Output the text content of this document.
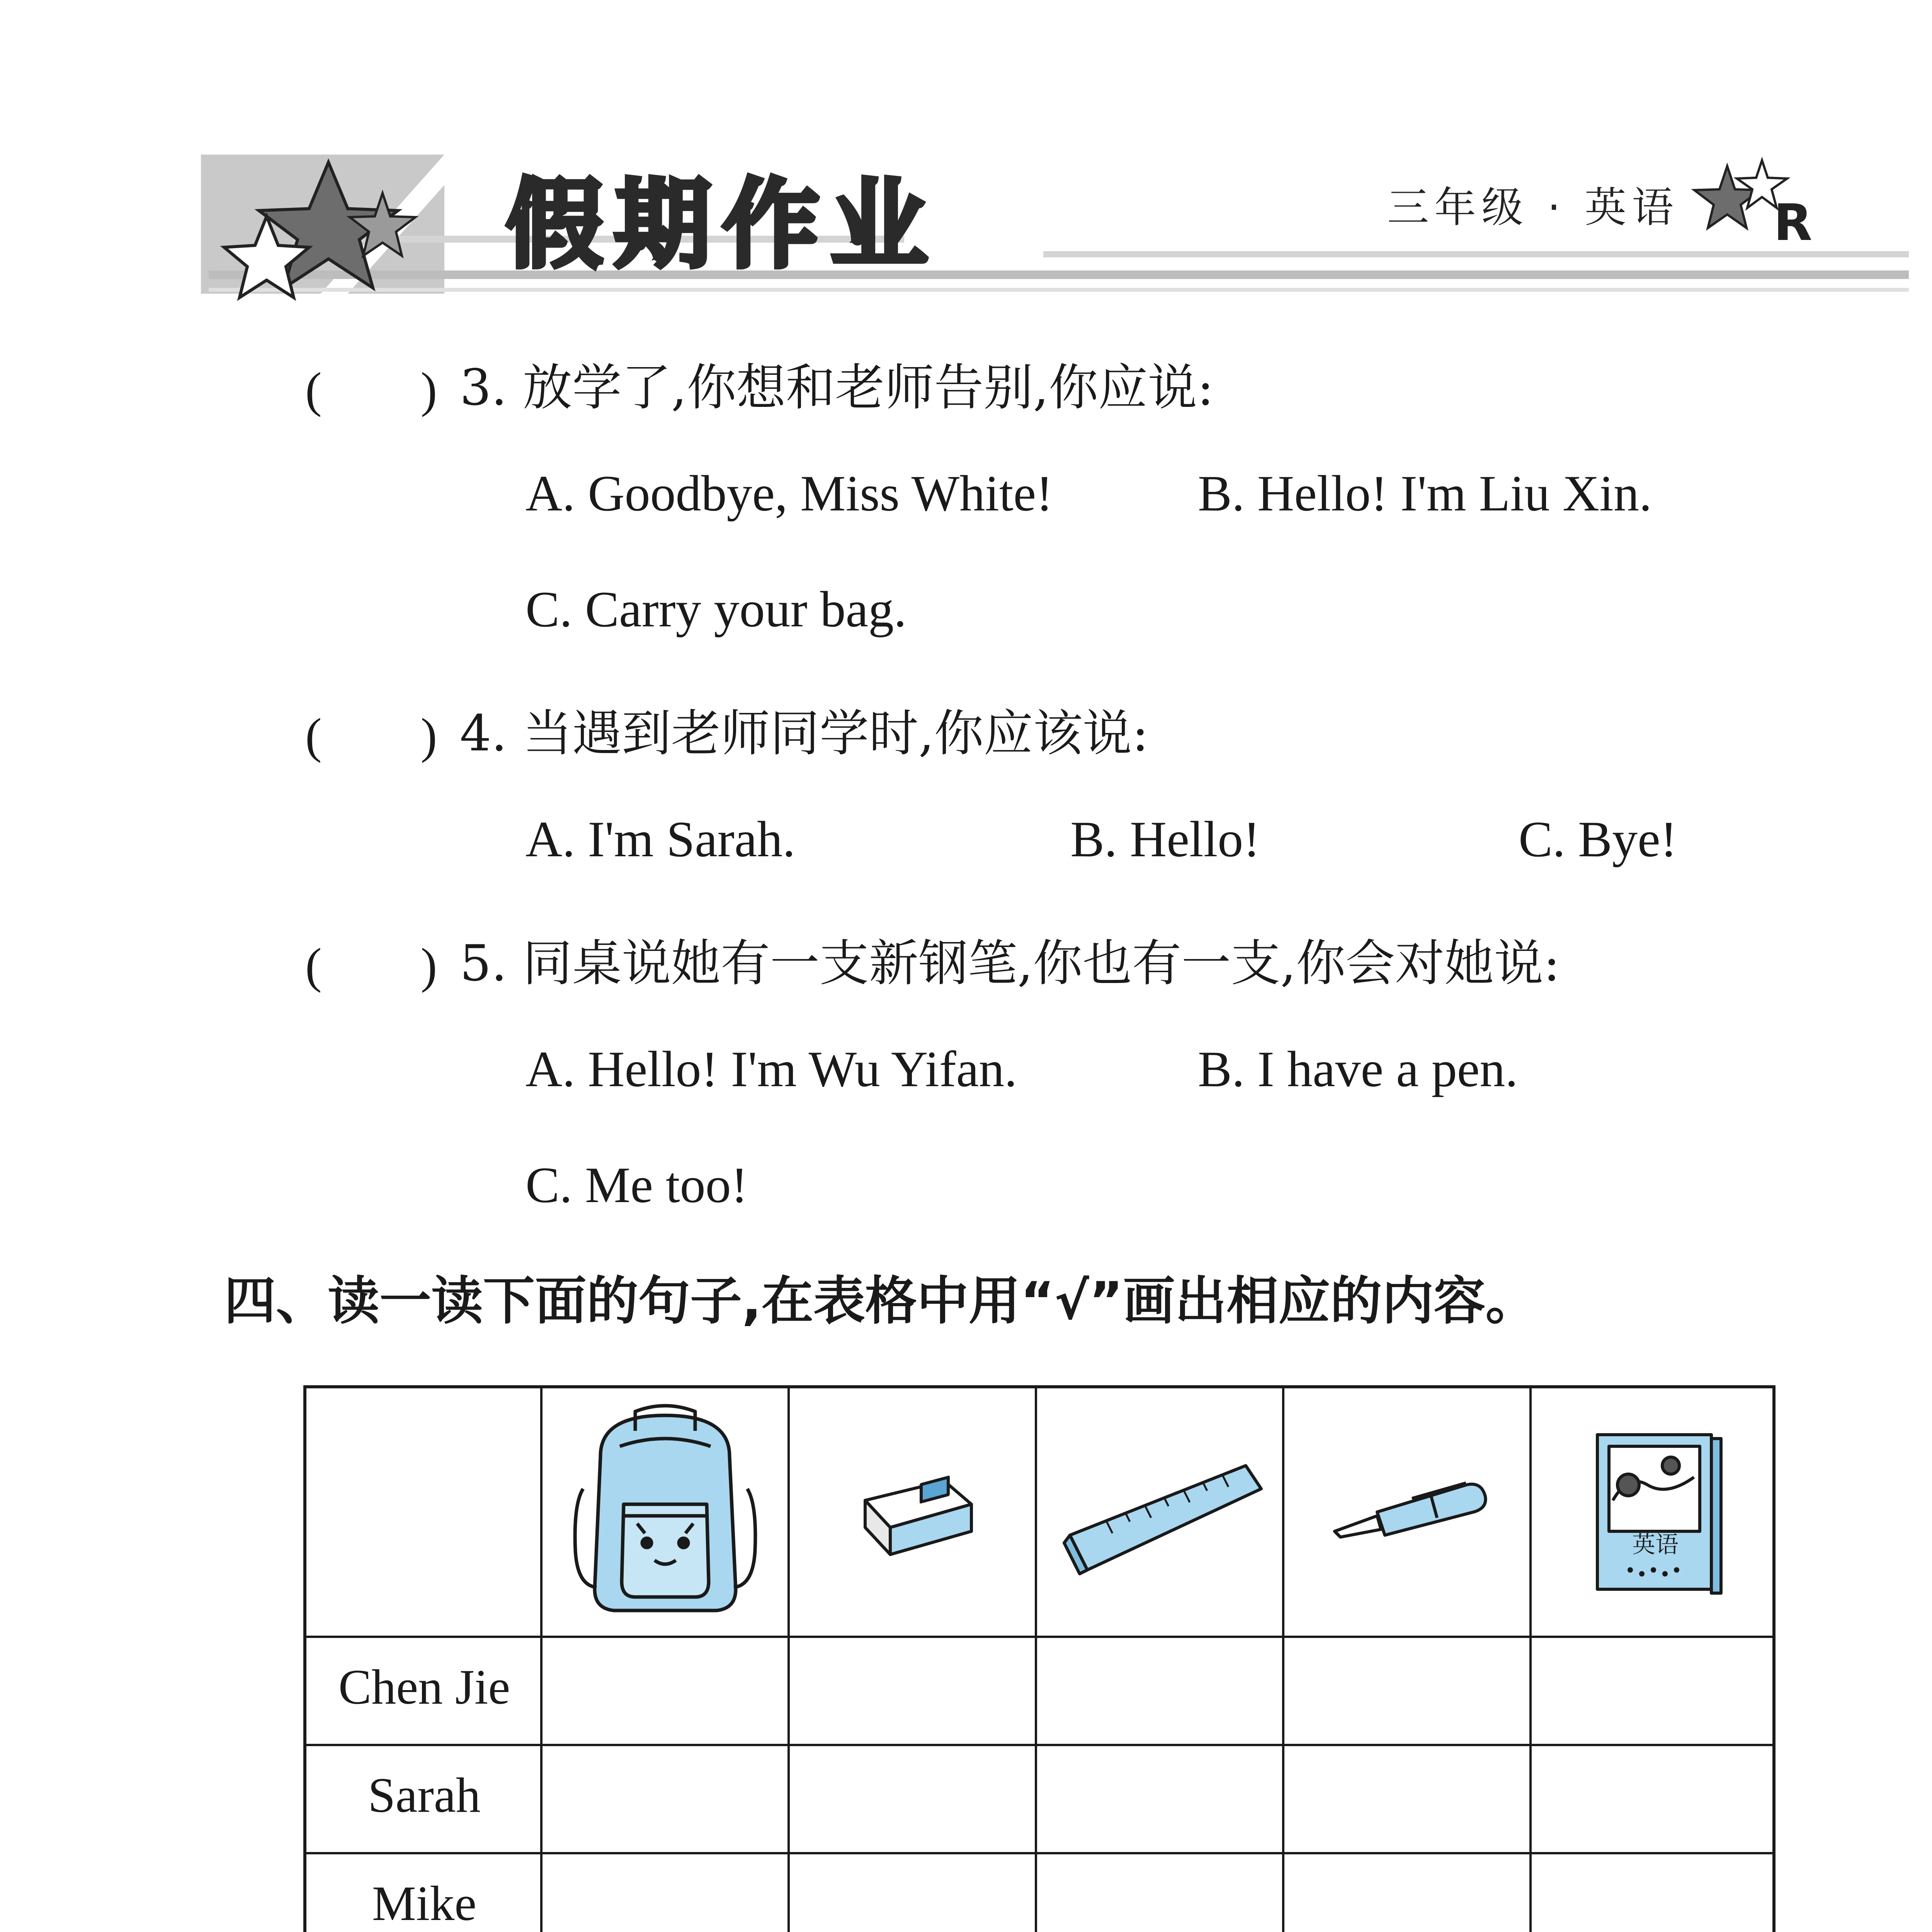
假期作业	三年级 · 英语 R
(　　) 3. 放学了,你想和老师告别,你应说:
A. Goodbye, Miss White!	B. Hello! I'm Liu Xin.
C. Carry your bag.
(　　) 4. 当遇到老师同学时,你应该说:
A. I'm Sarah.	B. Hello!	C. Bye!
(　　) 5. 同桌说她有一支新钢笔,你也有一支,你会对她说:
A. Hello! I'm Wu Yifan.	B. I have a pen.
C. Me too!
四、读一读下面的句子,在表格中用“√”画出相应的内容。
英语
Chen Jie
Sarah
Mike
